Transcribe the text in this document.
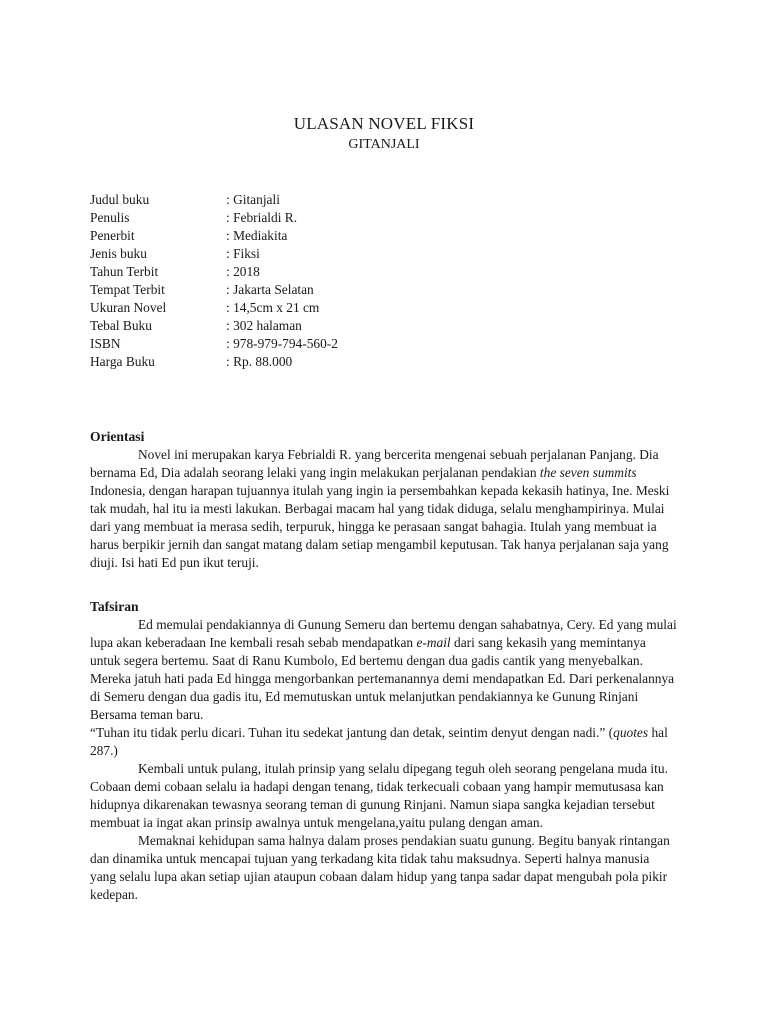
ULASAN NOVEL FIKSI
GITANJALI
Judul buku	: Gitanjali
Penulis	: Febrialdi R.
Penerbit	: Mediakita
Jenis buku	: Fiksi
Tahun Terbit	: 2018
Tempat Terbit	: Jakarta Selatan
Ukuran Novel	: 14,5cm x 21 cm
Tebal Buku	: 302 halaman
ISBN	: 978-979-794-560-2
Harga Buku	: Rp. 88.000
Orientasi

Novel ini merupakan karya Febrialdi R. yang bercerita mengenai sebuah perjalanan Panjang. Dia bernama Ed, Dia adalah seorang lelaki yang ingin melakukan perjalanan pendakian the seven summits Indonesia, dengan harapan tujuannya itulah yang ingin ia persembahkan kepada kekasih hatinya, Ine. Meski tak mudah, hal itu ia mesti lakukan. Berbagai macam hal yang tidak diduga, selalu menghampirinya. Mulai dari yang membuat ia merasa sedih, terpuruk, hingga ke perasaan sangat bahagia. Itulah yang membuat ia harus berpikir jernih dan sangat matang dalam setiap mengambil keputusan. Tak hanya perjalanan saja yang diuji. Isi hati Ed pun ikut teruji.

Tafsiran

Ed memulai pendakiannya di Gunung Semeru dan bertemu dengan sahabatnya, Cery. Ed yang mulai lupa akan keberadaan Ine kembali resah sebab mendapatkan e-mail dari sang kekasih yang memintanya untuk segera bertemu. Saat di Ranu Kumbolo, Ed bertemu dengan dua gadis cantik yang menyebalkan. Mereka jatuh hati pada Ed hingga mengorbankan pertemanannya demi mendapatkan Ed. Dari perkenalannya di Semeru dengan dua gadis itu, Ed memutuskan untuk melanjutkan pendakiannya ke Gunung Rinjani Bersama teman baru.

“Tuhan itu tidak perlu dicari. Tuhan itu sedekat jantung dan detak, seintim denyut dengan nadi.” (quotes hal 287.)

Kembali untuk pulang, itulah prinsip yang selalu dipegang teguh oleh seorang pengelana muda itu. Cobaan demi cobaan selalu ia hadapi dengan tenang, tidak terkecuali cobaan yang hampir memutusasa kan hidupnya dikarenakan tewasnya seorang teman di gunung Rinjani. Namun siapa sangka kejadian tersebut membuat ia ingat akan prinsip awalnya untuk mengelana,yaitu pulang dengan aman.

Memaknai kehidupan sama halnya dalam proses pendakian suatu gunung. Begitu banyak rintangan dan dinamika untuk mencapai tujuan yang terkadang kita tidak tahu maksudnya. Seperti halnya manusia yang selalu lupa akan setiap ujian ataupun cobaan dalam hidup yang tanpa sadar dapat mengubah pola pikir kedepan.
